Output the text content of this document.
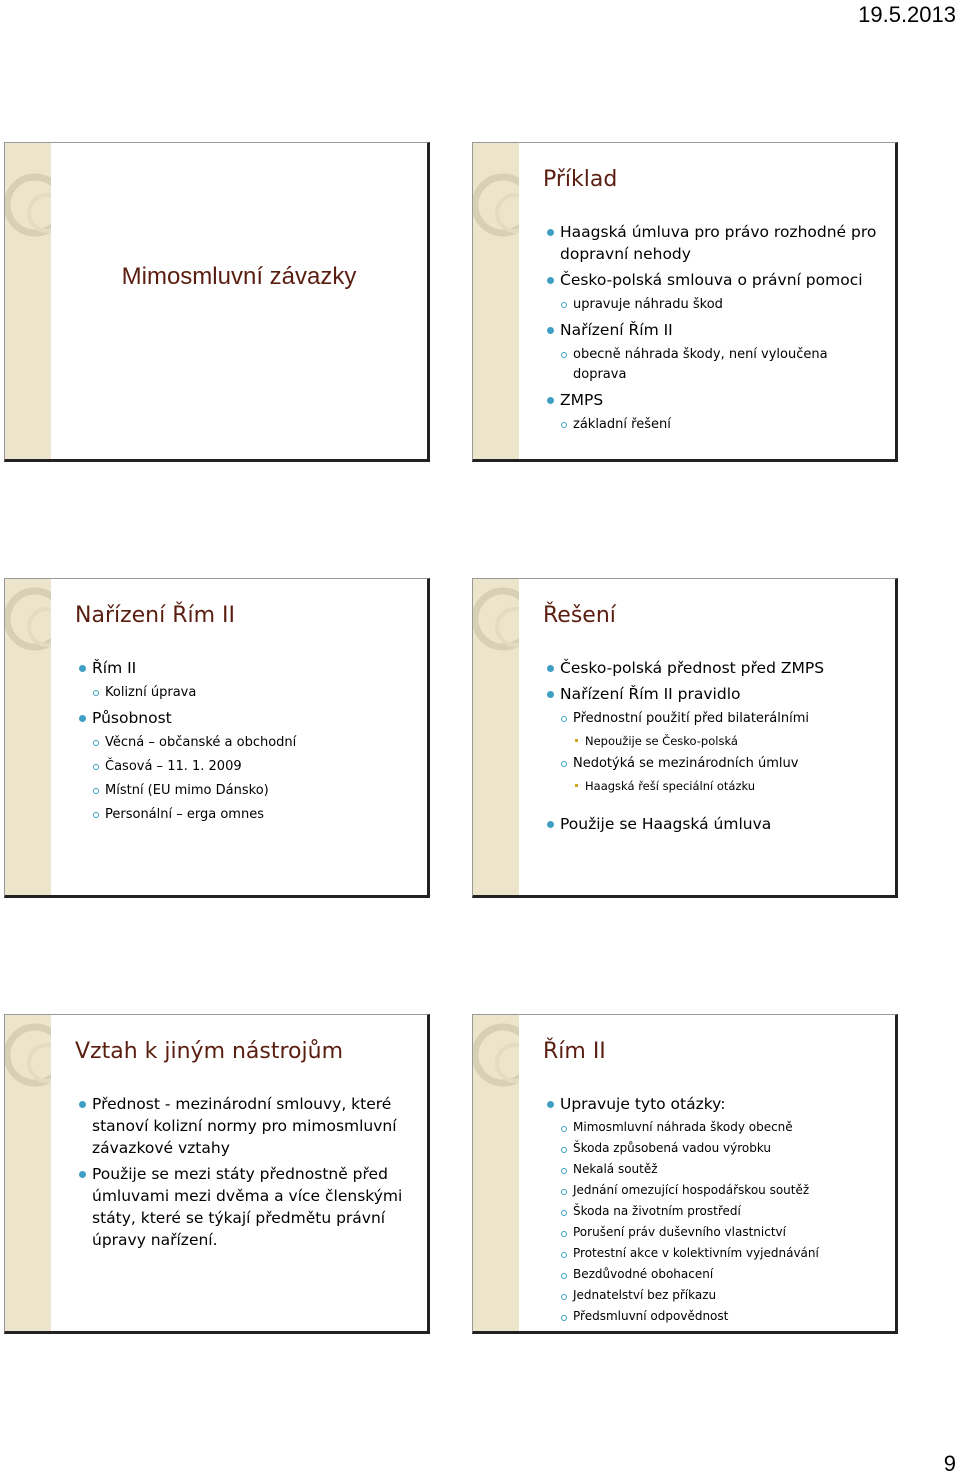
19.5.2013
Mimosmluvní závazky
Příklad
Haagská úmluva pro právo rozhodné pro dopravní nehody
Česko-polská smlouva o právní pomoci
upravuje náhradu škod
Nařízení Řím II
obecně náhrada škody, není vyloučena doprava
ZMPS
základní řešení
Nařízení Řím II
Řím II
Kolizní úprava
Působnost
Věcná – občanské a obchodní
Časová – 11. 1. 2009
Místní (EU mimo Dánsko)
Personální – erga omnes
Řešení
Česko-polská přednost před ZMPS
Nařízení Řím II pravidlo
Přednostní použití před bilaterálními
Nepoužije se Česko-polská
Nedotýká se mezinárodních úmluv
Haagská řeší speciální otázku
Použije se Haagská úmluva
Vztah k jiným nástrojům
Přednost - mezinárodní smlouvy, které stanoví kolizní normy pro mimosmluvní závazkové vztahy
Použije se mezi státy přednostně před úmluvami mezi dvěma a více členskými státy, které se týkají předmětu právní úpravy nařízení.
Řím II
Upravuje tyto otázky:
Mimosmluvní náhrada škody obecně
Škoda způsobená vadou výrobku
Nekalá soutěž
Jednání omezující hospodářskou soutěž
Škoda na životním prostředí
Porušení práv duševního vlastnictví
Protestní akce v kolektivním vyjednávání
Bezdůvodné obohacení
Jednatelství bez příkazu
Předsmluvní odpovědnost
9
